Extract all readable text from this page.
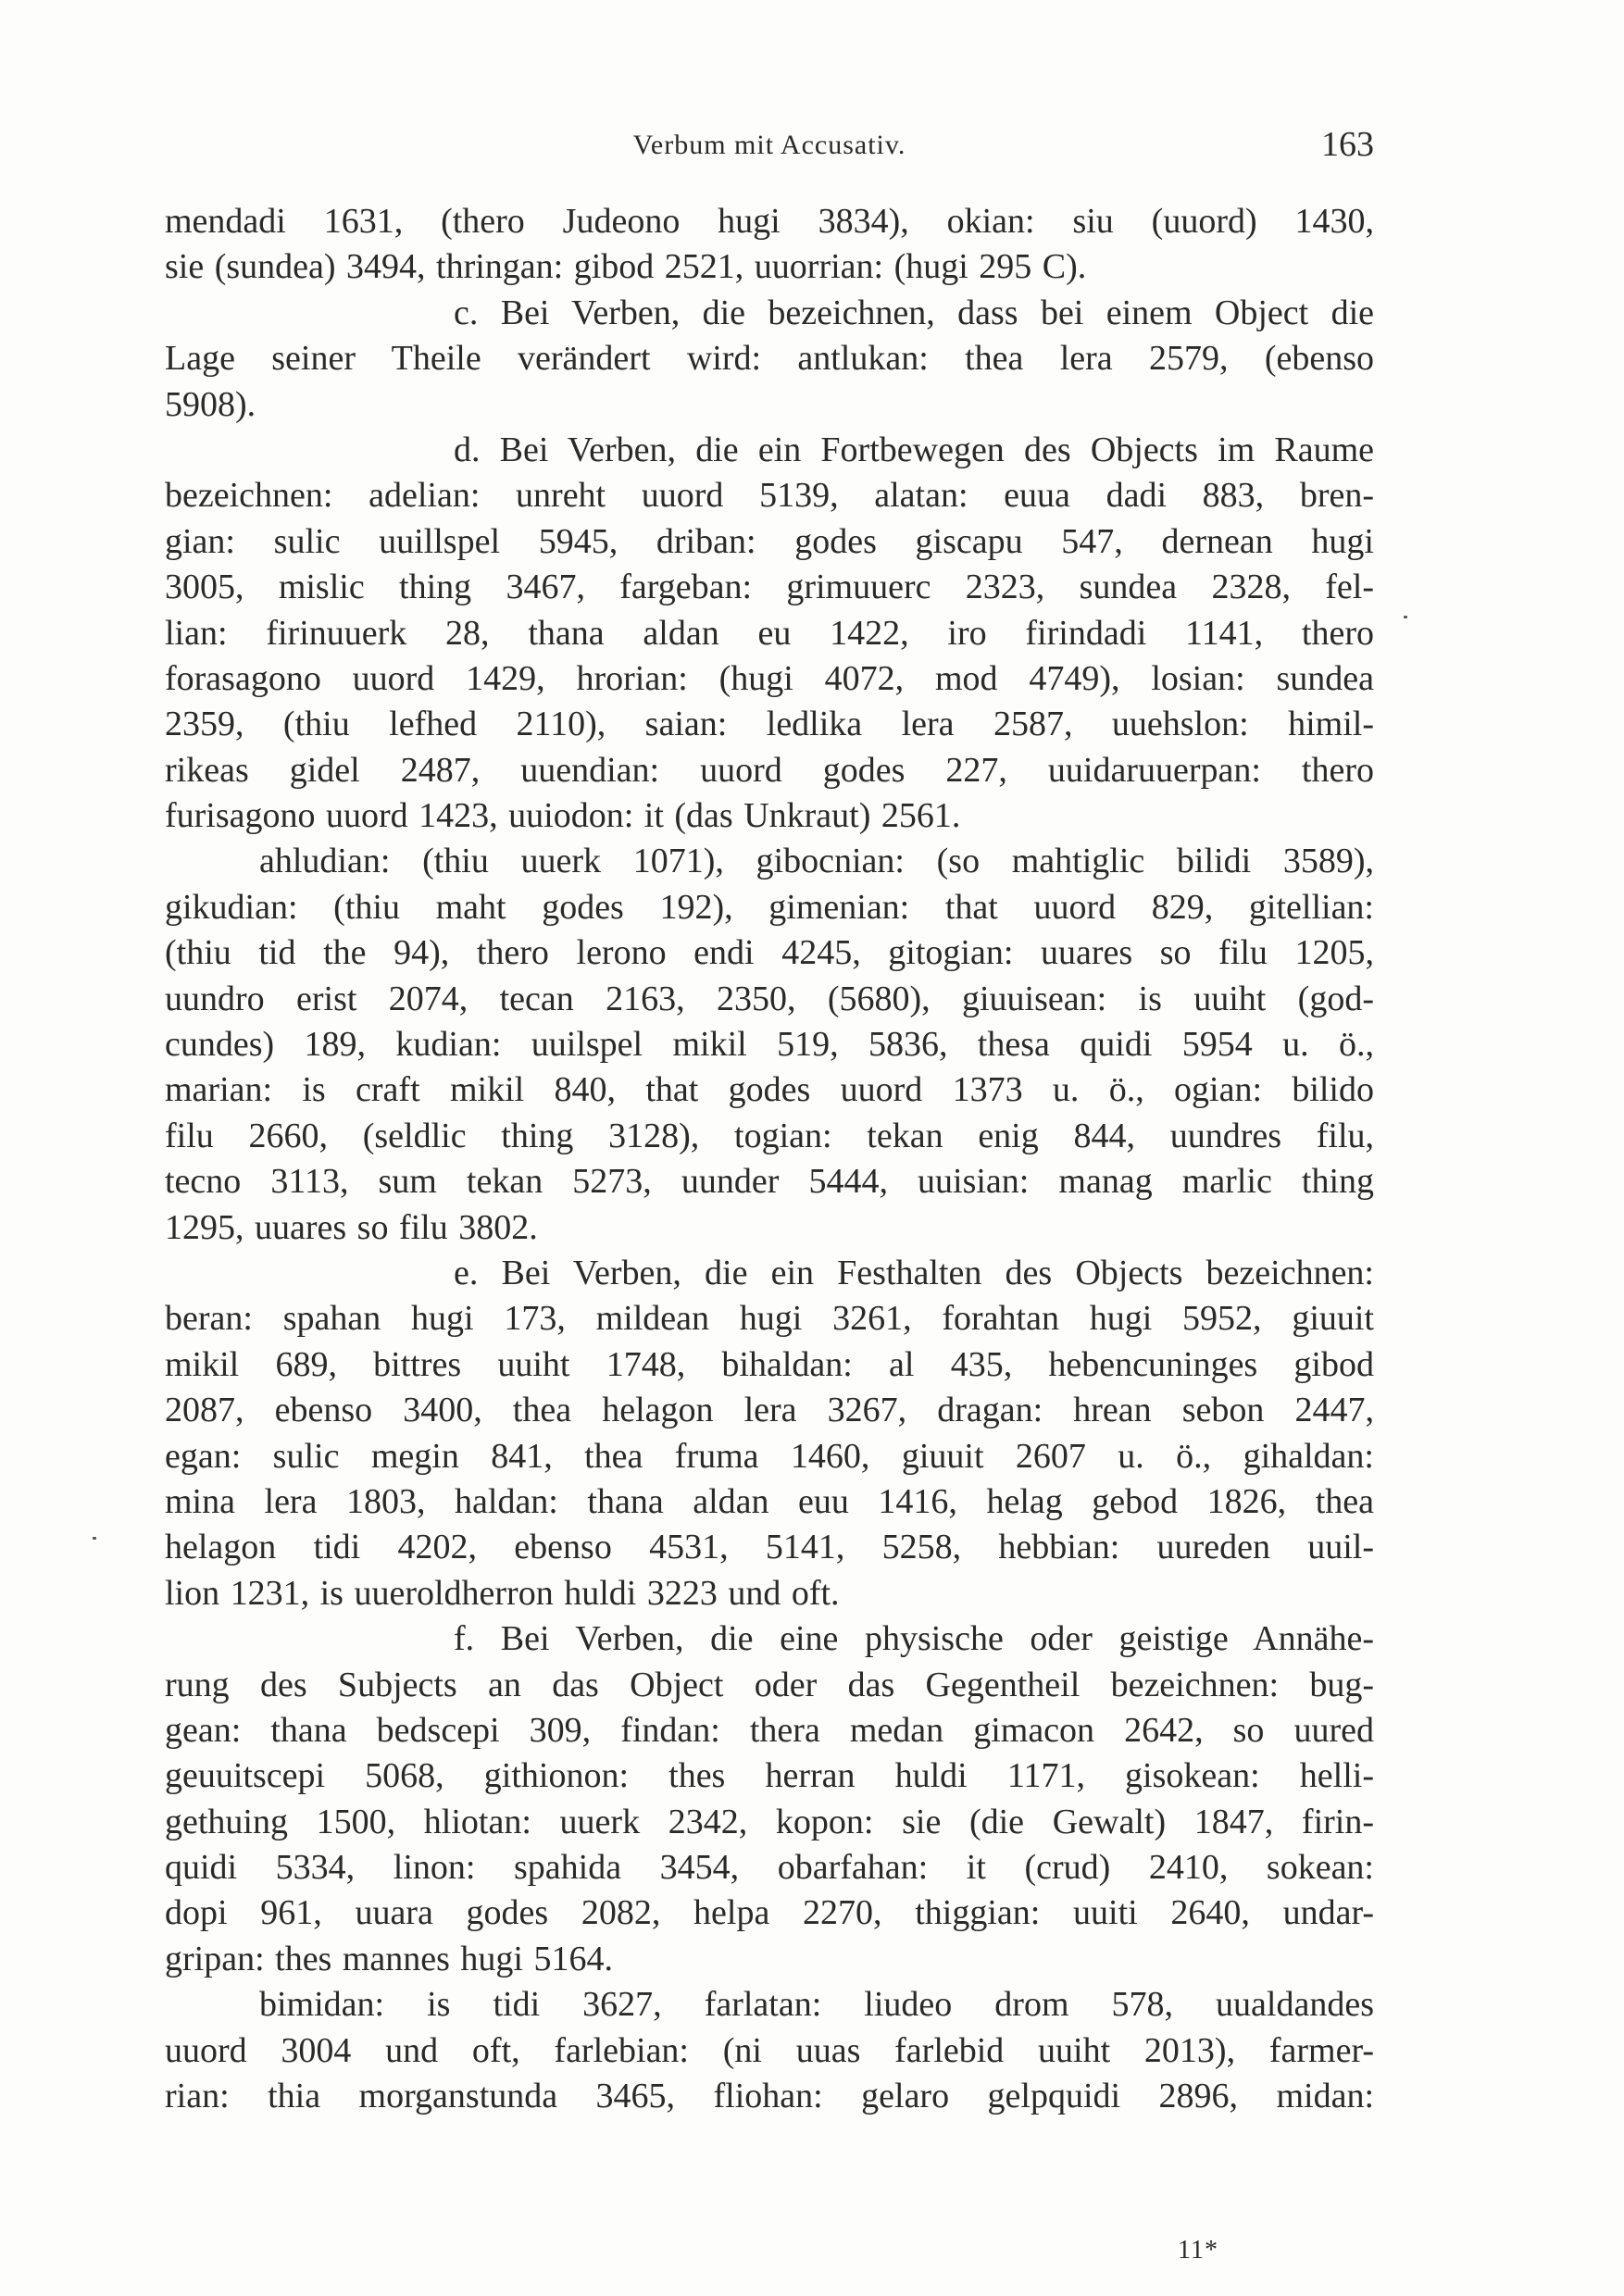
Verbum mit Accusativ.	163
mendadi 1631, (thero Judeono hugi 3834), okian: siu (uuord) 1430,
sie (sundea) 3494, thringan: gibod 2521, uuorrian: (hugi 295 C).
c. Bei Verben, die bezeichnen, dass bei einem Object die
Lage seiner Theile verändert wird: antlukan: thea lera 2579, (ebenso
5908).
d. Bei Verben, die ein Fortbewegen des Objects im Raume
bezeichnen: adelian: unreht uuord 5139, alatan: euua dadi 883, bren-
gian: sulic uuillspel 5945, driban: godes giscapu 547, dernean hugi
3005, mislic thing 3467, fargeban: grimuuerc 2323, sundea 2328, fel-
lian: firinuuerk 28, thana aldan eu 1422, iro firindadi 1141, thero
forasagono uuord 1429, hrorian: (hugi 4072, mod 4749), losian: sundea
2359, (thiu lefhed 2110), saian: ledlika lera 2587, uuehslon: himil-
rikeas gidel 2487, uuendian: uuord godes 227, uuidaruuerpan: thero
furisagono uuord 1423, uuiodon: it (das Unkraut) 2561.
ahludian: (thiu uuerk 1071), gibocnian: (so mahtiglic bilidi 3589),
gikudian: (thiu maht godes 192), gimenian: that uuord 829, gitellian:
(thiu tid the 94), thero lerono endi 4245, gitogian: uuares so filu 1205,
uundro erist 2074, tecan 2163, 2350, (5680), giuuisean: is uuiht (god-
cundes) 189, kudian: uuilspel mikil 519, 5836, thesa quidi 5954 u. ö.,
marian: is craft mikil 840, that godes uuord 1373 u. ö., ogian: bilido
filu 2660, (seldlic thing 3128), togian: tekan enig 844, uundres filu,
tecno 3113, sum tekan 5273, uunder 5444, uuisian: manag marlic thing
1295, uuares so filu 3802.
e. Bei Verben, die ein Festhalten des Objects bezeichnen:
beran: spahan hugi 173, mildean hugi 3261, forahtan hugi 5952, giuuit
mikil 689, bittres uuiht 1748, bihaldan: al 435, hebencuninges gibod
2087, ebenso 3400, thea helagon lera 3267, dragan: hrean sebon 2447,
egan: sulic megin 841, thea fruma 1460, giuuit 2607 u. ö., gihaldan:
mina lera 1803, haldan: thana aldan euu 1416, helag gebod 1826, thea
helagon tidi 4202, ebenso 4531, 5141, 5258, hebbian: uureden uuil-
lion 1231, is uueroldherron huldi 3223 und oft.
f. Bei Verben, die eine physische oder geistige Annähe-
rung des Subjects an das Object oder das Gegentheil bezeichnen: bug-
gean: thana bedscepi 309, findan: thera medan gimacon 2642, so uured
geuuitscepi 5068, githionon: thes herran huldi 1171, gisokean: helli-
gethuing 1500, hliotan: uuerk 2342, kopon: sie (die Gewalt) 1847, firin-
quidi 5334, linon: spahida 3454, obarfahan: it (crud) 2410, sokean:
dopi 961, uuara godes 2082, helpa 2270, thiggian: uuiti 2640, undar-
gripan: thes mannes hugi 5164.
bimidan: is tidi 3627, farlatan: liudeo drom 578, uualdandes
uuord 3004 und oft, farlebian: (ni uuas farlebid uuiht 2013), farmer-
rian: thia morganstunda 3465, fliohan: gelaro gelpquidi 2896, midan:
11*
